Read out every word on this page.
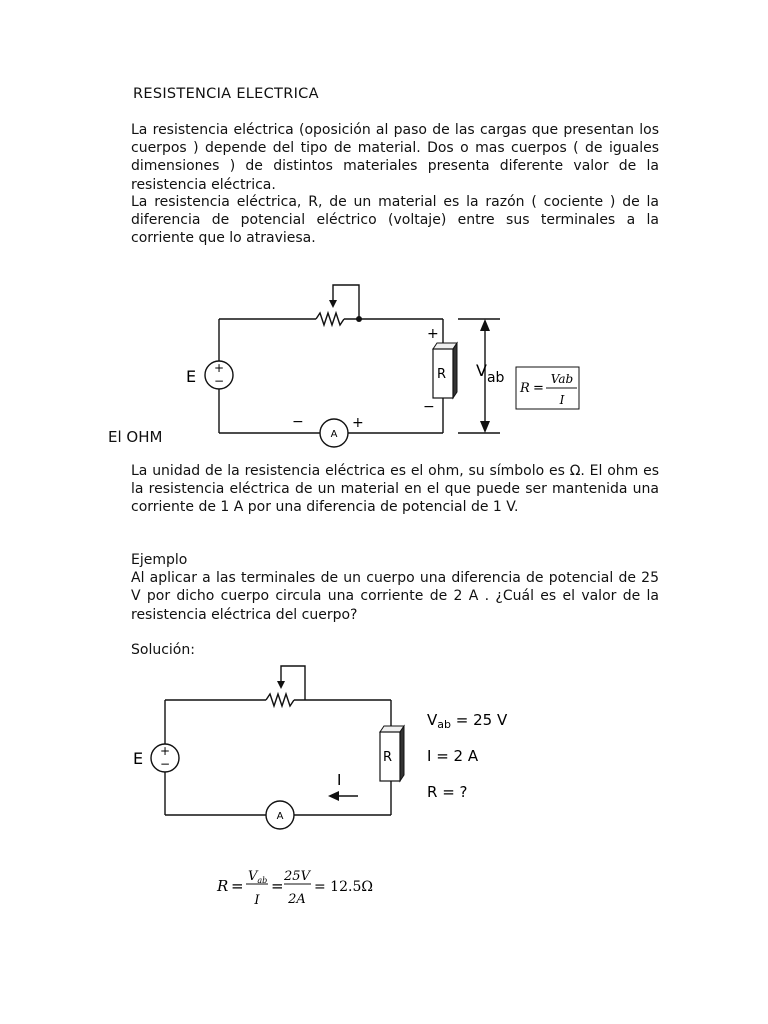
RESISTENCIA ELECTRICA
La resistencia eléctrica (oposición al paso de las cargas que presentan los cuerpos ) depende del tipo de material. Dos o mas cuerpos ( de iguales dimensiones ) de distintos materiales presenta diferente valor de la resistencia eléctrica.
La resistencia eléctrica, R, de un material es la razón ( cociente ) de la diferencia de potencial eléctrico (voltaje) entre sus terminales a la corriente que lo atraviesa.
+
−
E	R
+
−
A
−	+
Vab
R =
Vab
I
El OHM
La unidad de la resistencia eléctrica es el ohm, su símbolo es Ω. El ohm es la resistencia eléctrica de un material en el que puede ser mantenida una corriente de 1 A por una diferencia de potencial de 1 V.
Ejemplo
Al aplicar a las terminales de un cuerpo una diferencia de potencial de 25 V por dicho cuerpo circula una corriente de 2 A . ¿Cuál es el valor de la resistencia eléctrica del cuerpo?
Solución:
+
−
E	R
A
I
$V_{ab} = 25$ V
I = 2 A
R = ?
R =
$V_{ab}$
I
=
25V
2A
= 12.5Ω
